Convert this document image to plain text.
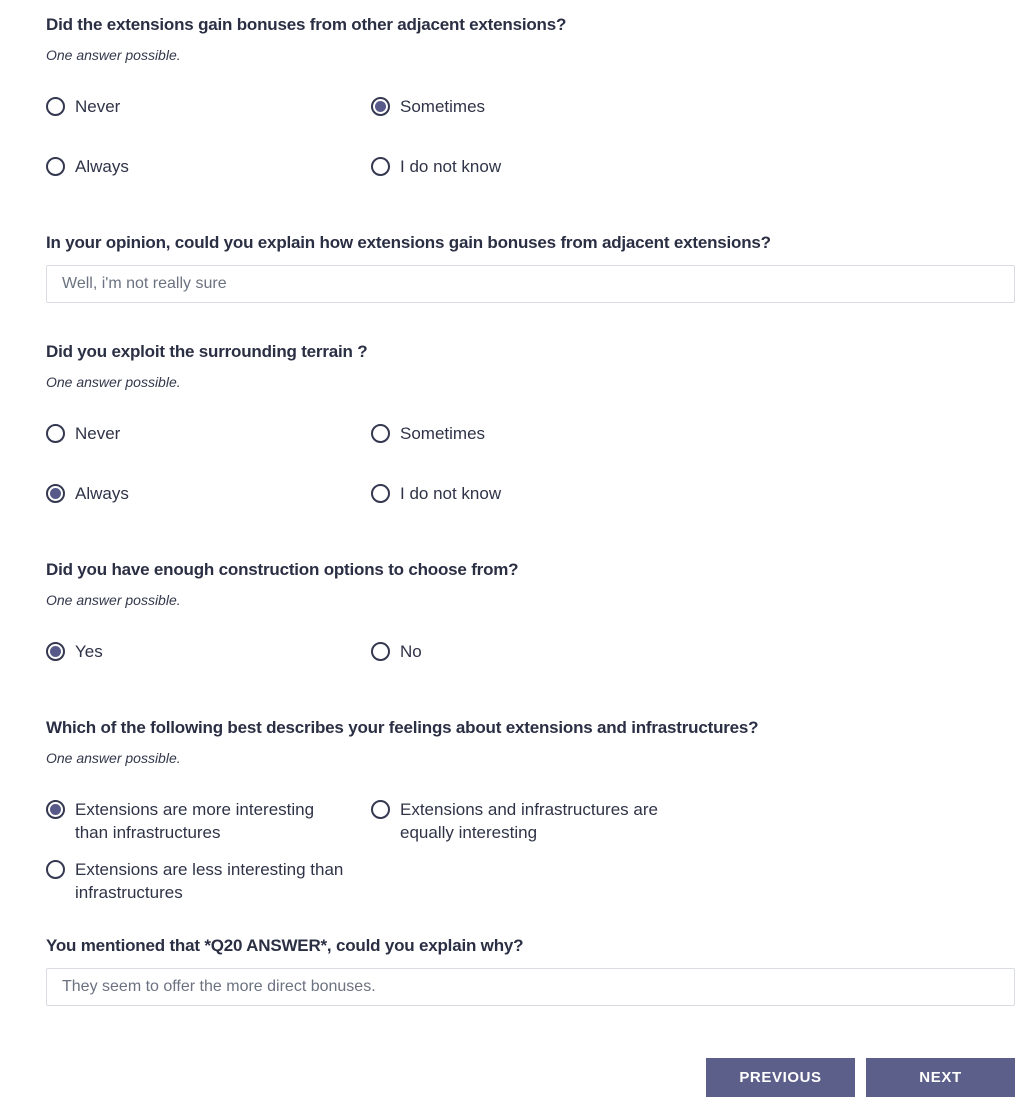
Did the extensions gain bonuses from other adjacent extensions?

One answer possible.

Never	Sometimes
Always	I do not know
In your opinion, could you explain how extensions gain bonuses from adjacent extensions?
Well, i'm not really sure
Did you exploit the surrounding terrain ?

One answer possible.

Never	Sometimes
Always	I do not know
Did you have enough construction options to choose from?

One answer possible.

Yes	No
Which of the following best describes your feelings about extensions and infrastructures?

One answer possible.

Extensions are more interesting than infrastructures
Extensions and infrastructures are equally interesting
Extensions are less interesting than infrastructures
You mentioned that *Q20 ANSWER*, could you explain why?
They seem to offer the more direct bonuses.
PREVIOUS	NEXT
